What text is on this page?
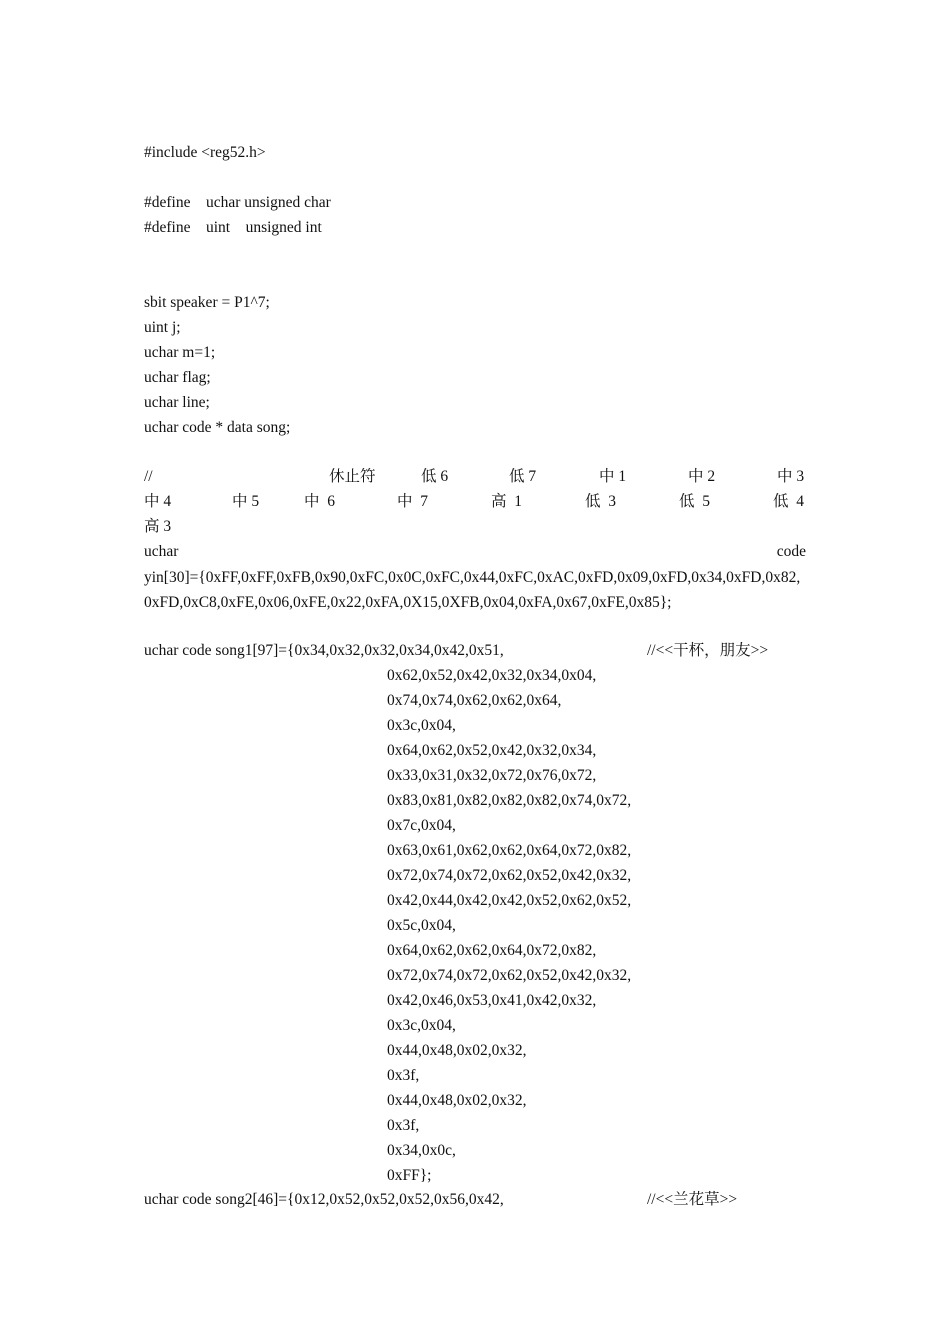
#include <reg52.h>
#define    uchar unsigned char
#define    uint    unsigned int
sbit speaker = P1^7;
uint j;
uchar m=1;
uchar flag;
uchar line;
uchar code * data song;

//

	休止符

	低 6

	低 7

	中 1

	中 2

	中 3

中 4

	中 5

	中  6

	中  7

	高  1

	低  3

	低  5

	低  4

高 3

uchar

	code

yin[30]={0xFF,0xFF,0xFB,0x90,0xFC,0x0C,0xFC,0x44,0xFC,0xAC,0xFD,0x09,0xFD,0x34,0xFD,0x82,0xFD,0xC8,0xFE,0x06,0xFE,0x22,0xFA,0X15,0XFB,0x04,0xFA,0x67,0xFE,0x85};
uchar code song1[97]={0x34,0x32,0x32,0x34,0x42,0x51,	//<<干杯，朋友>>
0x62,0x52,0x42,0x32,0x34,0x04,
0x74,0x74,0x62,0x62,0x64,
0x3c,0x04,
0x64,0x62,0x52,0x42,0x32,0x34,
0x33,0x31,0x32,0x72,0x76,0x72,
0x83,0x81,0x82,0x82,0x82,0x74,0x72,
0x7c,0x04,
0x63,0x61,0x62,0x62,0x64,0x72,0x82,
0x72,0x74,0x72,0x62,0x52,0x42,0x32,
0x42,0x44,0x42,0x42,0x52,0x62,0x52,
0x5c,0x04,
0x64,0x62,0x62,0x64,0x72,0x82,
0x72,0x74,0x72,0x62,0x52,0x42,0x32,
0x42,0x46,0x53,0x41,0x42,0x32,
0x3c,0x04,
0x44,0x48,0x02,0x32,
0x3f,
0x44,0x48,0x02,0x32,
0x3f,
0x34,0x0c,
0xFF};
uchar code song2[46]={0x12,0x52,0x52,0x52,0x56,0x42,	//<<兰花草>>
